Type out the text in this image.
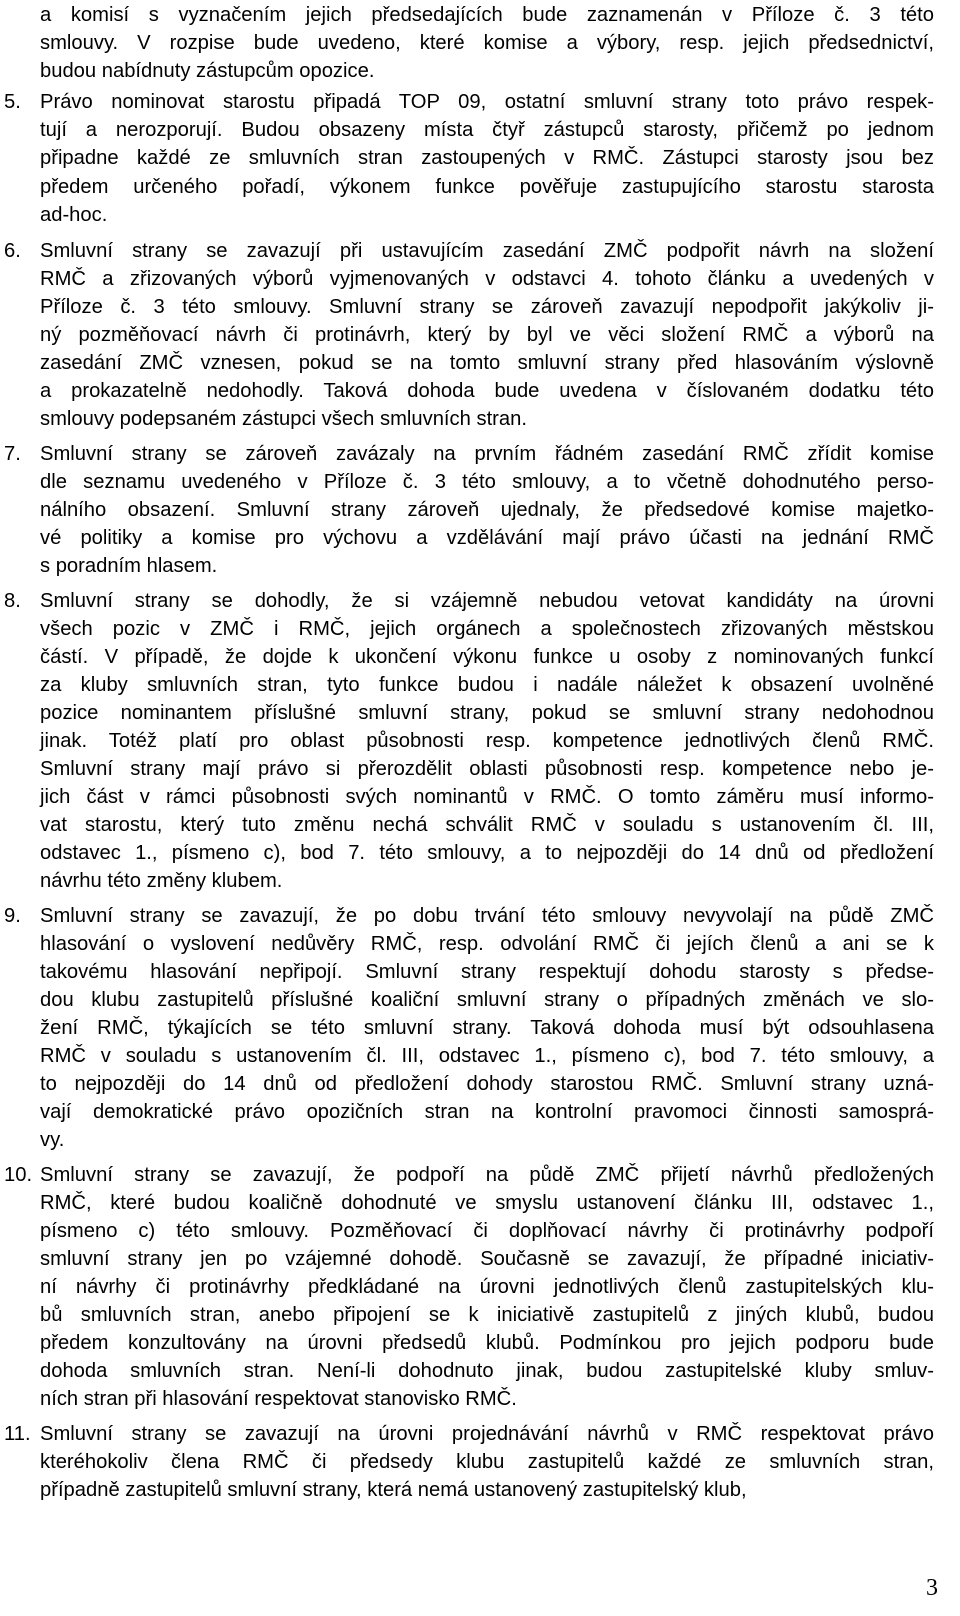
a komisí s vyznačením jejich předsedajících bude zaznamenán v Příloze č. 3 této
smlouvy. V rozpise bude uvedeno, které komise a výbory, resp. jejich předsednictví,
budou nabídnuty zástupcům opozice.
5. Právo nominovat starostu připadá TOP 09, ostatní smluvní strany toto právo respek-
tují a nerozporují. Budou obsazeny místa čtyř zástupců starosty, přičemž po jednom
připadne každé ze smluvních stran zastoupených v RMČ. Zástupci starosty jsou bez
předem určeného pořadí, výkonem funkce pověřuje zastupujícího starostu starosta
ad-hoc.
6. Smluvní strany se zavazují při ustavujícím zasedání ZMČ podpořit návrh na složení
RMČ a zřizovaných výborů vyjmenovaných v odstavci 4. tohoto článku a uvedených v
Příloze č. 3 této smlouvy. Smluvní strany se zároveň zavazují nepodpořit jakýkoliv ji-
ný pozměňovací návrh či protinávrh, který by byl ve věci složení RMČ a výborů na
zasedání ZMČ vznesen, pokud se na tomto smluvní strany před hlasováním výslovně
a prokazatelně nedohodly. Taková dohoda bude uvedena v číslovaném dodatku této
smlouvy podepsaném zástupci všech smluvních stran.
7. Smluvní strany se zároveň zavázaly na prvním řádném zasedání RMČ zřídit komise
dle seznamu uvedeného v Příloze č. 3 této smlouvy, a to včetně dohodnutého perso-
nálního obsazení. Smluvní strany zároveň ujednaly, že předsedové komise majetko-
vé politiky a komise pro výchovu a vzdělávání mají právo účasti na jednání RMČ
s poradním hlasem.
8. Smluvní strany se dohodly, že si vzájemně nebudou vetovat kandidáty na úrovni
všech pozic v ZMČ i RMČ, jejich orgánech a společnostech zřizovaných městskou
částí. V případě, že dojde k ukončení výkonu funkce u osoby z nominovaných funkcí
za kluby smluvních stran, tyto funkce budou i nadále náležet k obsazení uvolněné
pozice nominantem příslušné smluvní strany, pokud se smluvní strany nedohodnou
jinak. Totéž platí pro oblast působnosti resp. kompetence jednotlivých členů RMČ.
Smluvní strany mají právo si přerozdělit oblasti působnosti resp. kompetence nebo je-
jich část v rámci působnosti svých nominantů v RMČ. O tomto záměru musí informo-
vat starostu, který tuto změnu nechá schválit RMČ v souladu s ustanovením čl. III,
odstavec 1., písmeno c), bod 7. této smlouvy, a to nejpozději do 14 dnů od předložení
návrhu této změny klubem.
9. Smluvní strany se zavazují, že po dobu trvání této smlouvy nevyvolají na půdě ZMČ
hlasování o vyslovení nedůvěry RMČ, resp. odvolání RMČ či jejích členů a ani se k
takovému hlasování nepřipojí. Smluvní strany respektují dohodu starosty s předse-
dou klubu zastupitelů příslušné koaliční smluvní strany o případných změnách ve slo-
žení RMČ, týkajících se této smluvní strany. Taková dohoda musí být odsouhlasena
RMČ v souladu s ustanovením čl. III, odstavec 1., písmeno c), bod 7. této smlouvy, a
to nejpozději do 14 dnů od předložení dohody starostou RMČ. Smluvní strany uzná-
vají demokratické právo opozičních stran na kontrolní pravomoci činnosti samosprá-
vy.
10. Smluvní strany se zavazují, že podpoří na půdě ZMČ přijetí návrhů předložených
RMČ, které budou koaličně dohodnuté ve smyslu ustanovení článku III, odstavec 1.,
písmeno c) této smlouvy. Pozměňovací či doplňovací návrhy či protinávrhy podpoří
smluvní strany jen po vzájemné dohodě. Současně se zavazují, že případné iniciativ-
ní návrhy či protinávrhy předkládané na úrovni jednotlivých členů zastupitelských klu-
bů smluvních stran, anebo připojení se k iniciativě zastupitelů z jiných klubů, budou
předem konzultovány na úrovni předsedů klubů. Podmínkou pro jejich podporu bude
dohoda smluvních stran. Není-li dohodnuto jinak, budou zastupitelské kluby smluv-
ních stran při hlasování respektovat stanovisko RMČ.
11. Smluvní strany se zavazují na úrovni projednávání návrhů v RMČ respektovat právo
kteréhokoliv člena RMČ či předsedy klubu zastupitelů každé ze smluvních stran,
případně zastupitelů smluvní strany, která nemá ustanovený zastupitelský klub,
3
